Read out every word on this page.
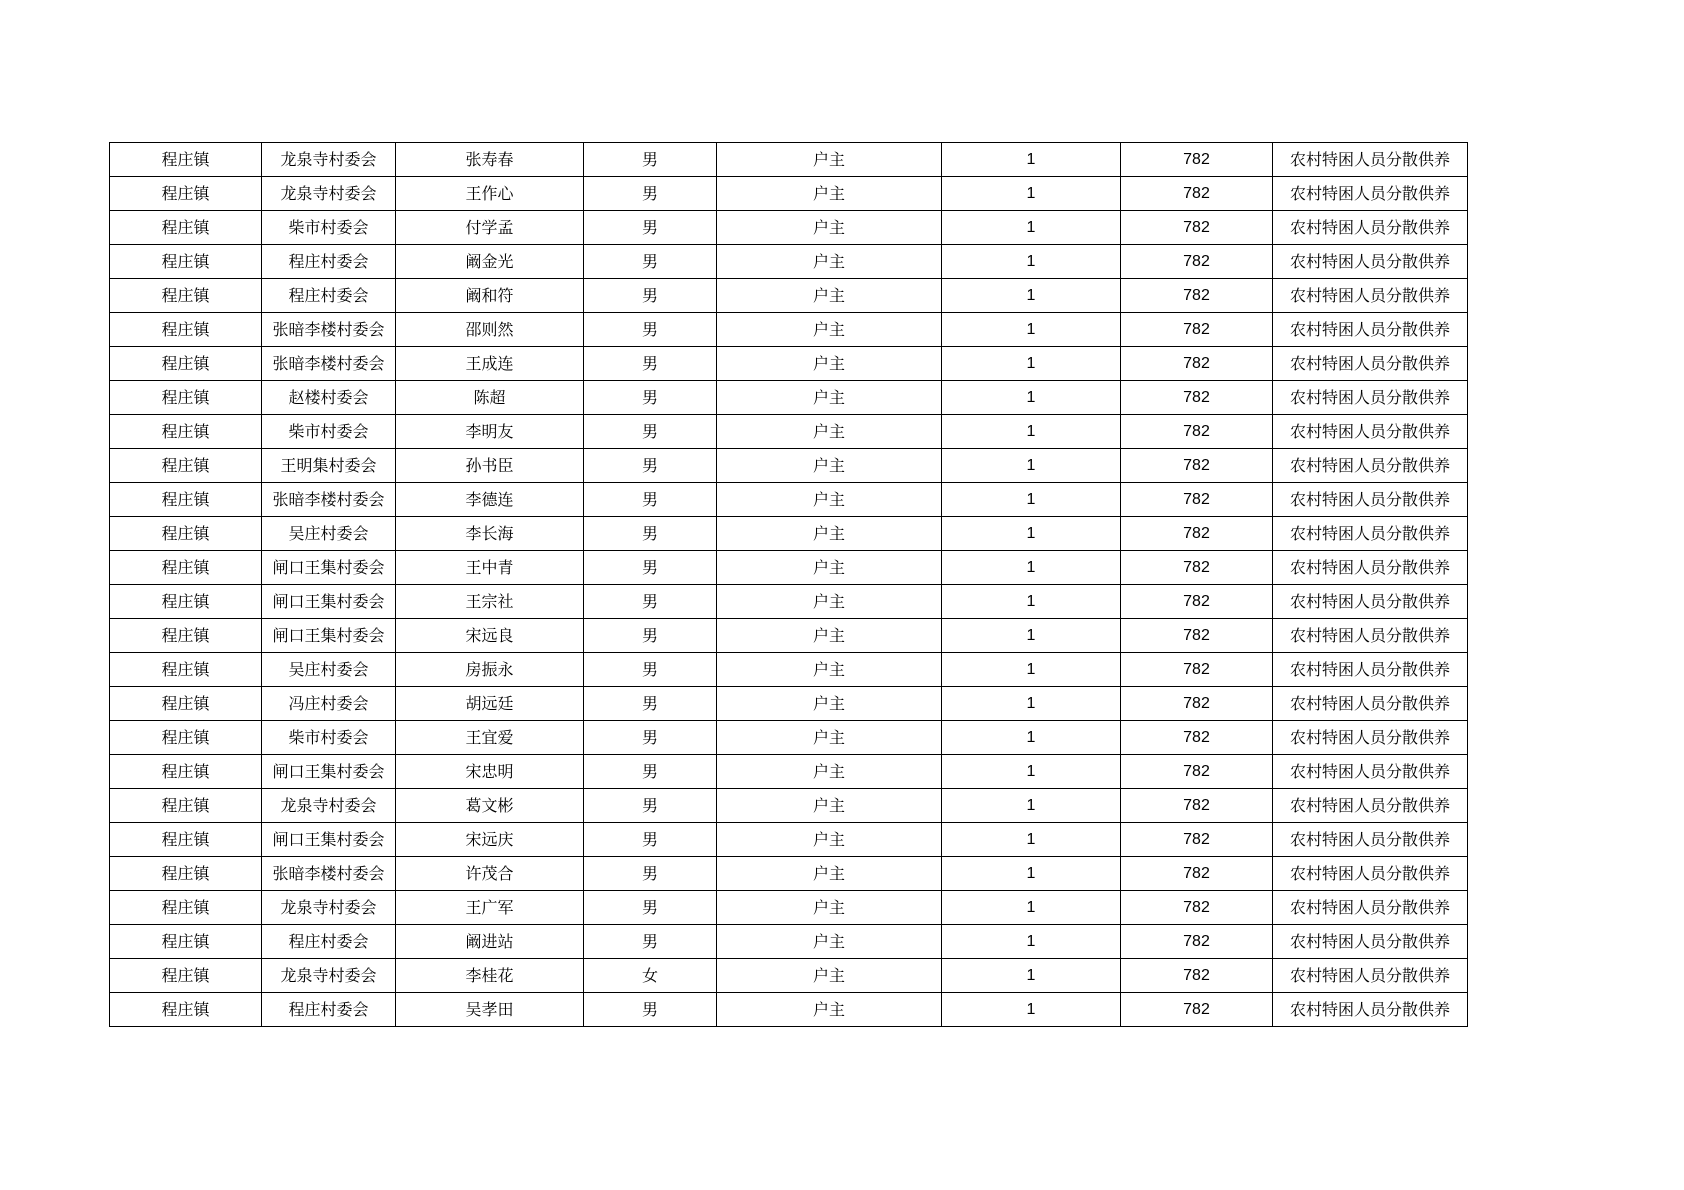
程庄镇	龙泉寺村委会	张寿春	男	户主	1	782	农村特困人员分散供养
程庄镇	龙泉寺村委会	王作心	男	户主	1	782	农村特困人员分散供养
程庄镇	柴市村委会	付学孟	男	户主	1	782	农村特困人员分散供养
程庄镇	程庄村委会	阚金光	男	户主	1	782	农村特困人员分散供养
程庄镇	程庄村委会	阚和符	男	户主	1	782	农村特困人员分散供养
程庄镇	张暗李楼村委会	邵则然	男	户主	1	782	农村特困人员分散供养
程庄镇	张暗李楼村委会	王成连	男	户主	1	782	农村特困人员分散供养
程庄镇	赵楼村委会	陈超	男	户主	1	782	农村特困人员分散供养
程庄镇	柴市村委会	李明友	男	户主	1	782	农村特困人员分散供养
程庄镇	王明集村委会	孙书臣	男	户主	1	782	农村特困人员分散供养
程庄镇	张暗李楼村委会	李德连	男	户主	1	782	农村特困人员分散供养
程庄镇	吴庄村委会	李长海	男	户主	1	782	农村特困人员分散供养
程庄镇	闸口王集村委会	王中青	男	户主	1	782	农村特困人员分散供养
程庄镇	闸口王集村委会	王宗社	男	户主	1	782	农村特困人员分散供养
程庄镇	闸口王集村委会	宋远良	男	户主	1	782	农村特困人员分散供养
程庄镇	吴庄村委会	房振永	男	户主	1	782	农村特困人员分散供养
程庄镇	冯庄村委会	胡远廷	男	户主	1	782	农村特困人员分散供养
程庄镇	柴市村委会	王宜爱	男	户主	1	782	农村特困人员分散供养
程庄镇	闸口王集村委会	宋忠明	男	户主	1	782	农村特困人员分散供养
程庄镇	龙泉寺村委会	葛文彬	男	户主	1	782	农村特困人员分散供养
程庄镇	闸口王集村委会	宋远庆	男	户主	1	782	农村特困人员分散供养
程庄镇	张暗李楼村委会	许茂合	男	户主	1	782	农村特困人员分散供养
程庄镇	龙泉寺村委会	王广军	男	户主	1	782	农村特困人员分散供养
程庄镇	程庄村委会	阚进站	男	户主	1	782	农村特困人员分散供养
程庄镇	龙泉寺村委会	李桂花	女	户主	1	782	农村特困人员分散供养
程庄镇	程庄村委会	吴孝田	男	户主	1	782	农村特困人员分散供养
